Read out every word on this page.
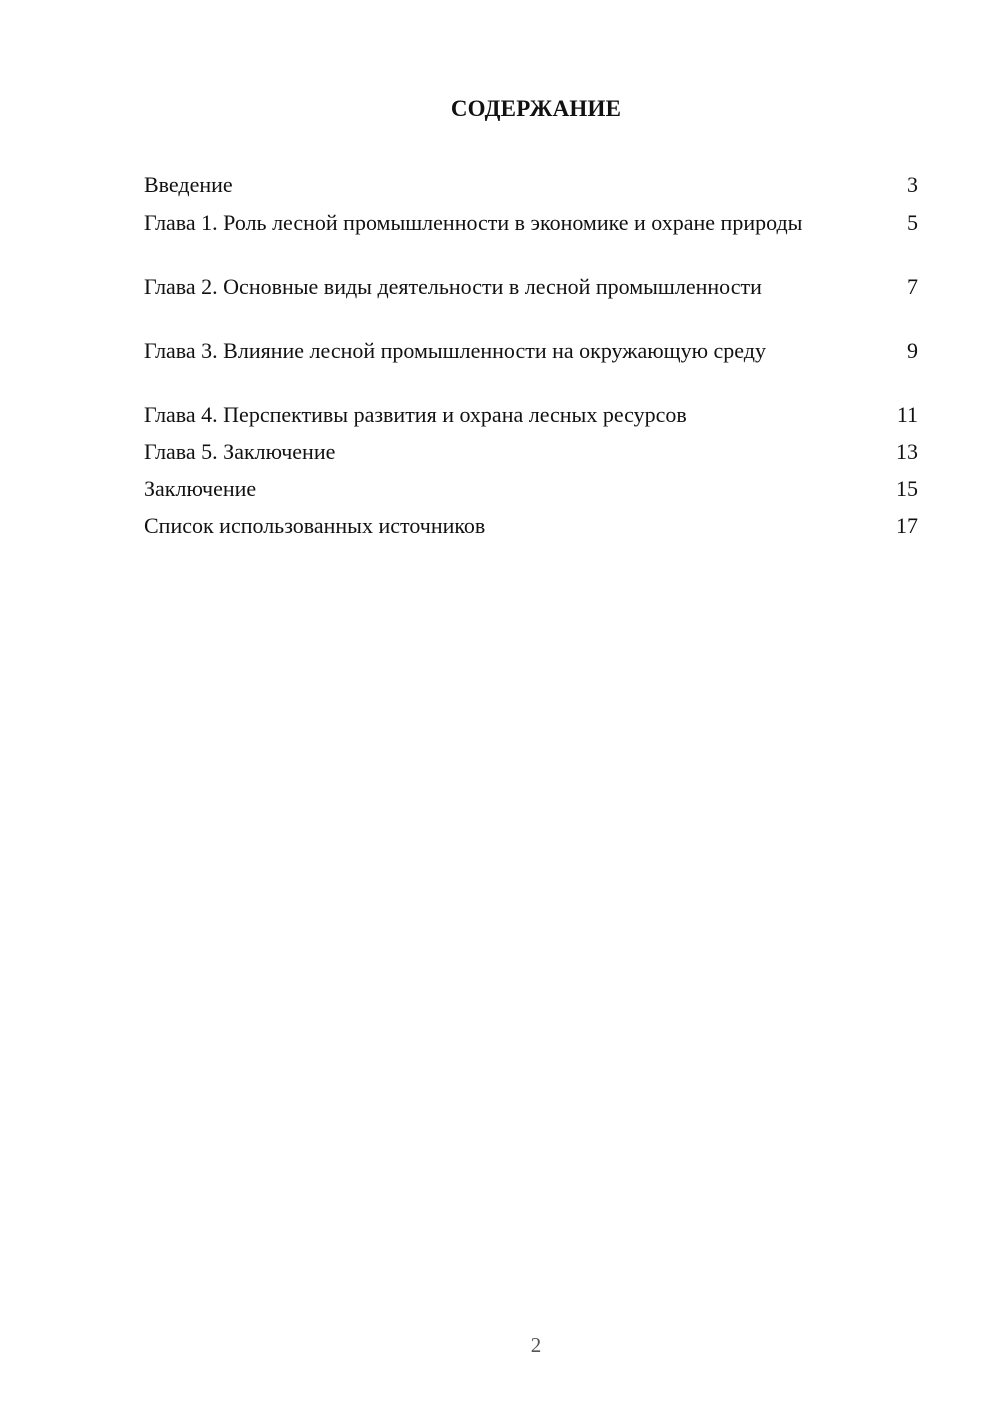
СОДЕРЖАНИЕ
Введение	3
Глава 1. Роль лесной промышленности в экономике и охране природы	5
Глава 2. Основные виды деятельности в лесной промышленности	7
Глава 3. Влияние лесной промышленности на окружающую среду	9
Глава 4. Перспективы развития и охрана лесных ресурсов	11
Глава 5. Заключение	13
Заключение	15
Список использованных источников	17
2
